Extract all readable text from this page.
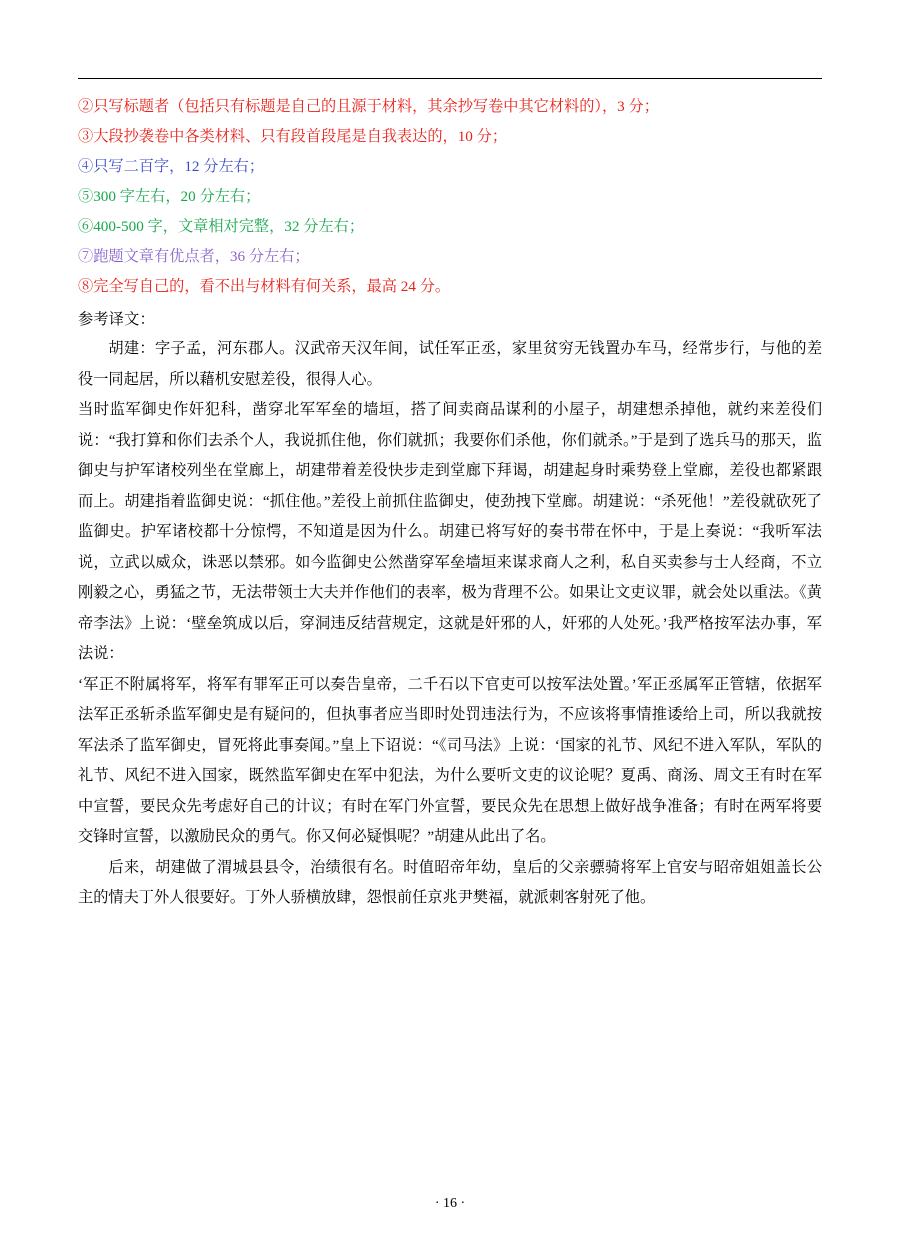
②只写标题者（包括只有标题是自己的且源于材料，其余抄写卷中其它材料的），3 分；
③大段抄袭卷中各类材料、只有段首段尾是自我表达的，10 分；
④只写二百字，12 分左右；
⑤300 字左右，20 分左右；
⑥400-500 字，文章相对完整，32 分左右；
⑦跑题文章有优点者，36 分左右；
⑧完全写自己的，看不出与材料有何关系，最高 24 分。
参考译文：

胡建：字子孟，河东郡人。汉武帝天汉年间，试任军正丞，家里贫穷无钱置办车马，经常步行，与他的差役一同起居，所以藉机安慰差役，很得人心。

当时监军御史作奸犯科，凿穿北军军垒的墙垣，搭了间卖商品谋利的小屋子，胡建想杀掉他，就约来差役们说：“我打算和你们去杀个人，我说抓住他，你们就抓；我要你们杀他，你们就杀。”于是到了选兵马的那天，监御史与护军诸校列坐在堂廊上，胡建带着差役快步走到堂廊下拜谒，胡建起身时乘势登上堂廊，差役也都紧跟而上。胡建指着监御史说：“抓住他。”差役上前抓住监御史，使劲拽下堂廊。胡建说：“杀死他！”差役就砍死了监御史。护军诸校都十分惊愕，不知道是因为什么。胡建已将写好的奏书带在怀中，于是上奏说：“我听军法说，立武以威众，诛恶以禁邪。如今监御史公然凿穿军垒墙垣来谋求商人之利，私自买卖参与士人经商，不立刚毅之心，勇猛之节，无法带领士大夫并作他们的表率，极为背理不公。如果让文吏议罪，就会处以重法。《黄帝李法》上说：‘壁垒筑成以后，穿洞违反结营规定，这就是奸邪的人，奸邪的人处死。’我严格按军法办事，军法说：

‘军正不附属将军，将军有罪军正可以奏告皇帝，二千石以下官吏可以按军法处置。’军正丞属军正管辖，依据军法军正丞斩杀监军御史是有疑问的，但执事者应当即时处罚违法行为，不应该将事情推诿给上司，所以我就按军法杀了监军御史，冒死将此事奏闻。”皇上下诏说：“《司马法》上说：‘国家的礼节、风纪不进入军队，军队的礼节、风纪不进入国家，既然监军御史在军中犯法，为什么要听文吏的议论呢？夏禹、商汤、周文王有时在军中宣誓，要民众先考虑好自己的计议；有时在军门外宣誓，要民众先在思想上做好战争准备；有时在两军将要交锋时宣誓，以激励民众的勇气。你又何必疑惧呢？”胡建从此出了名。

后来，胡建做了渭城县县令，治绩很有名。时值昭帝年幼，皇后的父亲骠骑将军上官安与昭帝姐姐盖长公主的情夫丁外人很要好。丁外人骄横放肆，怨恨前任京兆尹樊福，就派刺客射死了他。

· 16 ·
